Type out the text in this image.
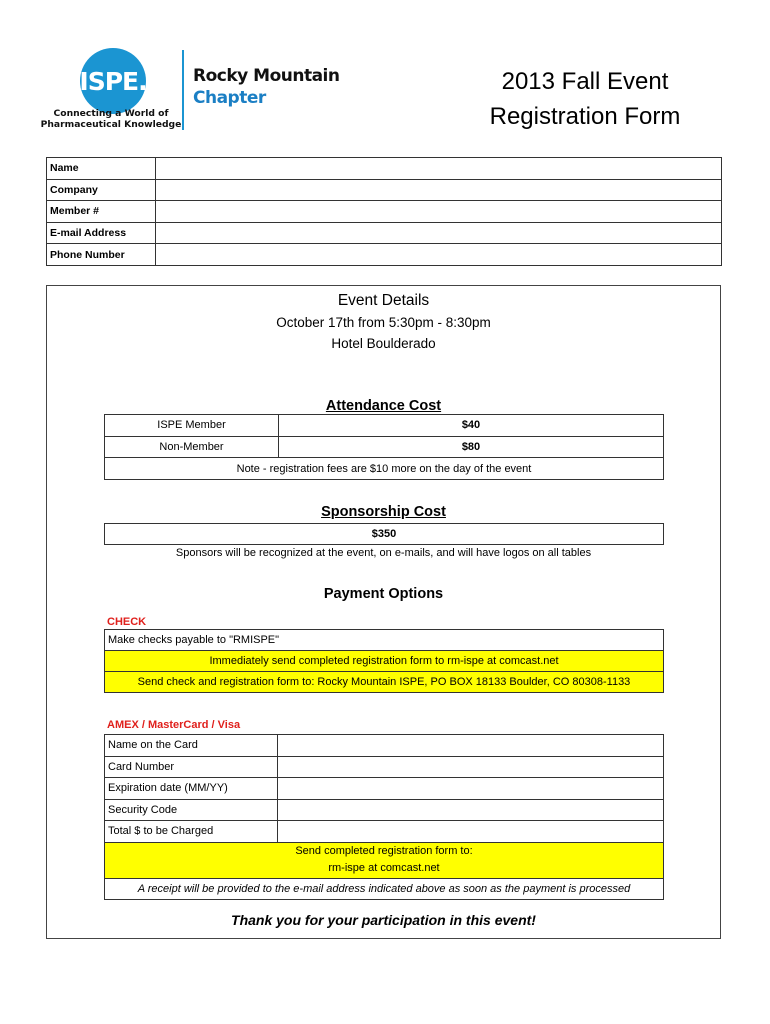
ISPE.
Connecting a World of
Pharmaceutical Knowledge
Rocky Mountain
Chapter
2013 Fall Event
Registration Form
Name	
Company	
Member #	
E-mail Address	
Phone Number	
Event Details
October 17th from 5:30pm - 8:30pm
Hotel Boulderado
Attendance Cost
ISPE Member	$40
Non-Member	$80
Note - registration fees are $10 more on the day of the event	
Sponsorship Cost
$350
Sponsors will be recognized at the event, on e-mails, and will have logos on all tables
Payment Options
CHECK
Make checks payable to "RMISPE"
Immediately send completed registration form to rm-ispe at comcast.net
Send check and registration form to: Rocky Mountain ISPE, PO BOX 18133 Boulder, CO 80308-1133
AMEX / MasterCard / Visa
Name on the Card	
Card Number	
Expiration date (MM/YY)	
Security Code	
Total $ to be Charged	

Send completed registration form to:
rm-ispe at comcast.net	

A receipt will be provided to the e-mail address indicated above as soon as the payment is processed	
Thank you for your participation in this event!
